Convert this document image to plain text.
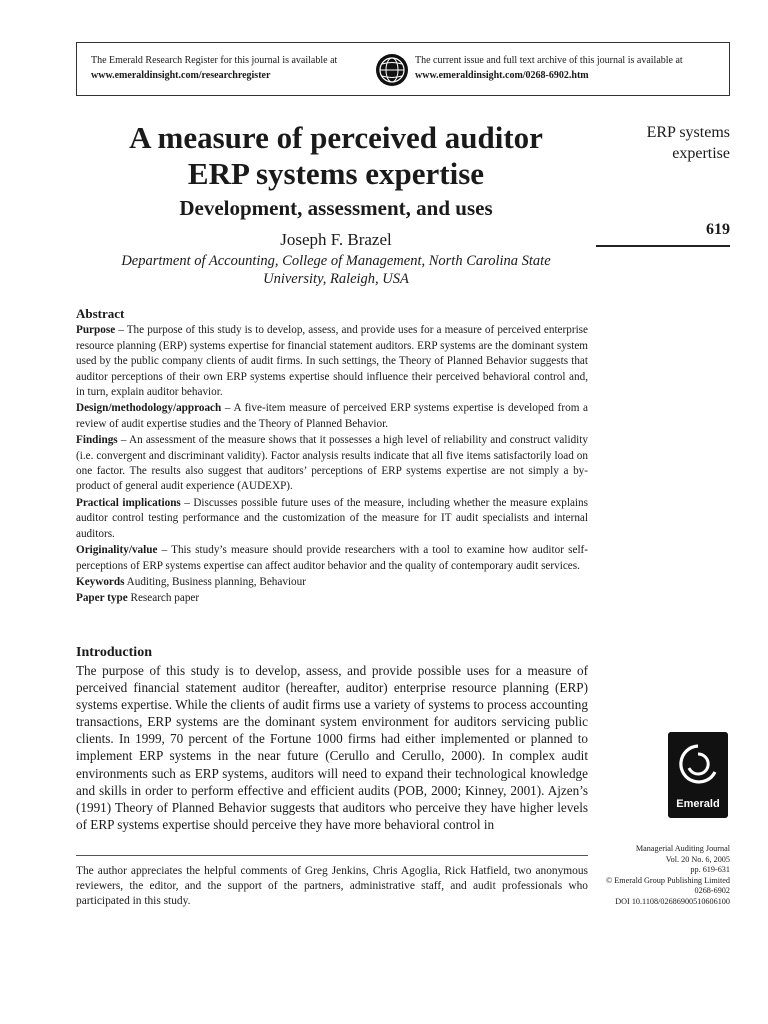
The Emerald Research Register for this journal is available at
www.emeraldinsight.com/researchregister
The current issue and full text archive of this journal is available at
www.emeraldinsight.com/0268-6902.htm
A measure of perceived auditor
ERP systems expertise
Development, assessment, and uses
Joseph F. Brazel
Department of Accounting, College of Management, North Carolina State
University, Raleigh, USA
ERP systems
expertise
619
Abstract

Purpose – The purpose of this study is to develop, assess, and provide uses for a measure of perceived enterprise resource planning (ERP) systems expertise for financial statement auditors. ERP systems are the dominant system used by the public company clients of audit firms. In such settings, the Theory of Planned Behavior suggests that auditor perceptions of their own ERP systems expertise should influence their perceived behavioral control and, in turn, explain auditor behavior.

Design/methodology/approach – A five-item measure of perceived ERP systems expertise is developed from a review of audit expertise studies and the Theory of Planned Behavior.

Findings – An assessment of the measure shows that it possesses a high level of reliability and construct validity (i.e. convergent and discriminant validity). Factor analysis results indicate that all five items satisfactorily load on one factor. The results also suggest that auditors’ perceptions of ERP systems expertise are not simply a by-product of general audit experience (AUDEXP).

Practical implications – Discusses possible future uses of the measure, including whether the measure explains auditor control testing performance and the customization of the measure for IT audit specialists and internal auditors.

Originality/value – This study’s measure should provide researchers with a tool to examine how auditor self-perceptions of ERP systems expertise can affect auditor behavior and the quality of contemporary audit services.

Keywords Auditing, Business planning, Behaviour

Paper type Research paper

Introduction

The purpose of this study is to develop, assess, and provide possible uses for a measure of perceived financial statement auditor (hereafter, auditor) enterprise resource planning (ERP) systems expertise. While the clients of audit firms use a variety of systems to process accounting transactions, ERP systems are the dominant system environment for auditors servicing public clients. In 1999, 70 percent of the Fortune 1000 firms had either implemented or planned to implement ERP systems in the near future (Cerullo and Cerullo, 2000). In complex audit environments such as ERP systems, auditors will need to expand their technological knowledge and skills in order to perform effective and efficient audits (POB, 2000; Kinney, 2001). Ajzen’s (1991) Theory of Planned Behavior suggests that auditors who perceive they have higher levels of ERP systems expertise should perceive they have more behavioral control in

The author appreciates the helpful comments of Greg Jenkins, Chris Agoglia, Rick Hatfield, two anonymous reviewers, the editor, and the support of the partners, administrative staff, and audit professionals who participated in this study.
Emerald
Managerial Auditing Journal
Vol. 20 No. 6, 2005
pp. 619-631
© Emerald Group Publishing Limited
0268-6902
DOI 10.1108/02686900510606100
